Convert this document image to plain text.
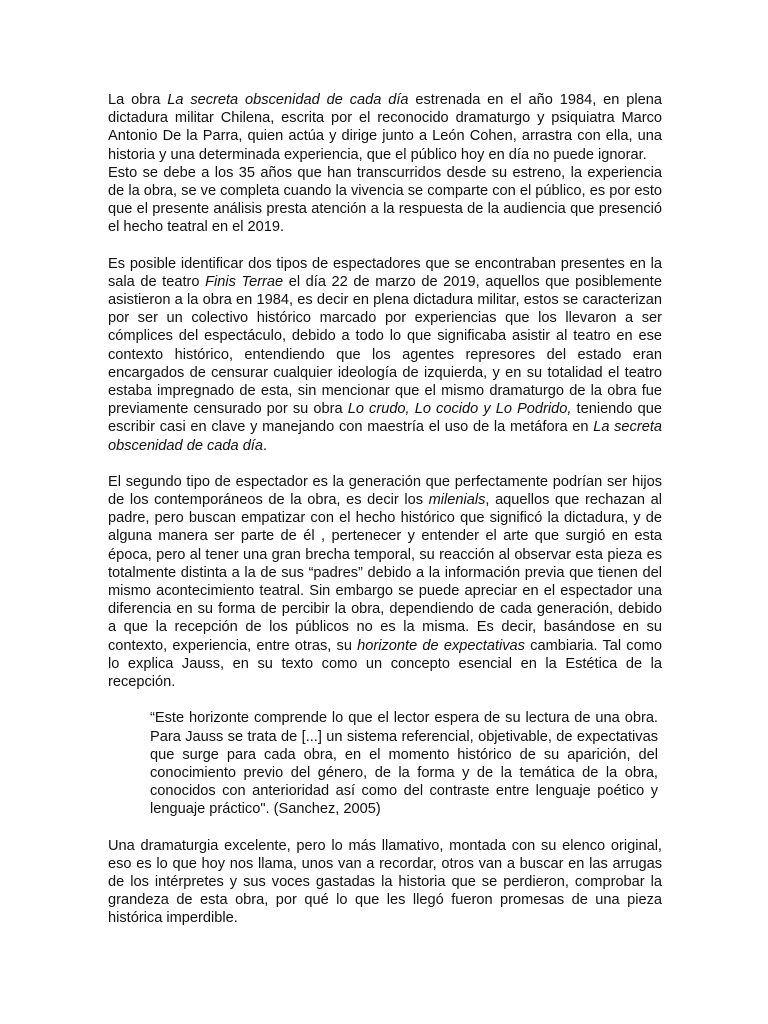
La obra La secreta obscenidad de cada día estrenada en el año 1984, en plena dictadura militar Chilena, escrita por el reconocido dramaturgo y psiquiatra Marco Antonio De la Parra, quien actúa y dirige junto a León Cohen, arrastra con ella, una historia y una determinada experiencia, que el público hoy en día no puede ignorar.

Esto se debe a los 35 años que han transcurridos desde su estreno, la experiencia de la obra, se ve completa cuando la vivencia se comparte con el público, es por esto que el presente análisis presta atención a la respuesta de la audiencia que presenció el hecho teatral en el 2019.

Es posible identificar dos tipos de espectadores que se encontraban presentes en la sala de teatro Finis Terrae el día 22 de marzo de 2019, aquellos que posiblemente asistieron a la obra en 1984, es decir en plena dictadura militar, estos se caracterizan por ser un colectivo histórico marcado por experiencias que los llevaron a ser cómplices del espectáculo, debido a todo lo que significaba asistir al teatro en ese contexto histórico, entendiendo que los agentes represores del estado eran encargados de censurar cualquier ideología de izquierda, y en su totalidad el teatro estaba impregnado de esta, sin mencionar que el mismo dramaturgo de la obra fue previamente censurado por su obra Lo crudo, Lo cocido y Lo Podrido, teniendo que escribir casi en clave y manejando con maestría el uso de la metáfora en La secreta obscenidad de cada día.

El segundo tipo de espectador es la generación que perfectamente podrían ser hijos de los contemporáneos de la obra, es decir los milenials, aquellos que rechazan al padre, pero buscan empatizar con el hecho histórico que significó la dictadura, y de alguna manera ser parte de él , pertenecer y entender el arte que surgió en esta época, pero al tener una gran brecha temporal, su reacción al observar esta pieza es totalmente distinta a la de sus “padres” debido a la información previa que tienen del mismo acontecimiento teatral. Sin embargo se puede apreciar en el espectador una diferencia en su forma de percibir la obra, dependiendo de cada generación, debido a que la recepción de los públicos no es la misma. Es decir, basándose en su contexto, experiencia, entre otras, su horizonte de expectativas cambiaria. Tal como lo explica Jauss, en su texto como un concepto esencial en la Estética de la recepción.

“Este horizonte comprende lo que el lector espera de su lectura de una obra. Para Jauss se trata de [...] un sistema referencial, objetivable, de expectativas que surge para cada obra, en el momento histórico de su aparición, del conocimiento previo del género, de la forma y de la temática de la obra, conocidos con anterioridad así como del contraste entre lenguaje poético y lenguaje práctico". (Sanchez, 2005)

Una dramaturgia excelente, pero lo más llamativo, montada con su elenco original, eso es lo que hoy nos llama, unos van a recordar, otros van a buscar en las arrugas de los intérpretes y sus voces gastadas la historia que se perdieron, comprobar la grandeza de esta obra, por qué lo que les llegó fueron promesas de una pieza histórica imperdible.
